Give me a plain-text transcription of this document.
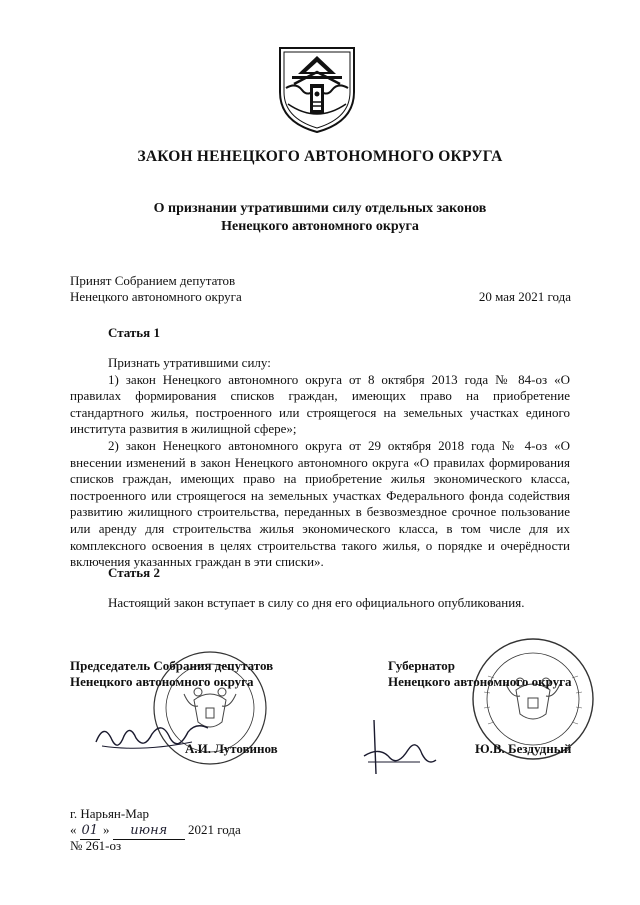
ЗАКОН НЕНЕЦКОГО АВТОНОМНОГО ОКРУГА
О признании утратившими силу отдельных законов
Ненецкого автономного округа
Принят Собранием депутатов
Ненецкого автономного округа	20 мая 2021 года
Статья 1

Признать утратившими силу:

1) закон Ненецкого автономного округа от 8 октября 2013 года № 84-оз «О правилах формирования списков граждан, имеющих право на приобретение стандартного жилья, построенного или строящегося на земельных участках единого института развития в жилищной сфере»;

2) закон Ненецкого автономного округа от 29 октября 2018 года № 4-оз «О внесении изменений в закон Ненецкого автономного округа «О правилах формирования списков граждан, имеющих право на приобретение жилья экономического класса, построенного или строящегося на земельных участках Федерального фонда содействия развитию жилищного строительства, переданных в безвозмездное срочное пользование или аренду для строительства жилья экономического класса, в том числе для их комплексного освоения в целях строительства такого жилья, о порядке и очерёдности включения указанных граждан в эти списки».

Статья 2

Настоящий закон вступает в силу со дня его официального опубликования.

Председатель Собрания депутатов
Ненецкого автономного округа
А.И. Лутовинов
Губернатор
Ненецкого автономного округа
Ю.В. Бездудный
г. Нарьян-Мар
« 01 » июня 2021 года
№ 261-оз
